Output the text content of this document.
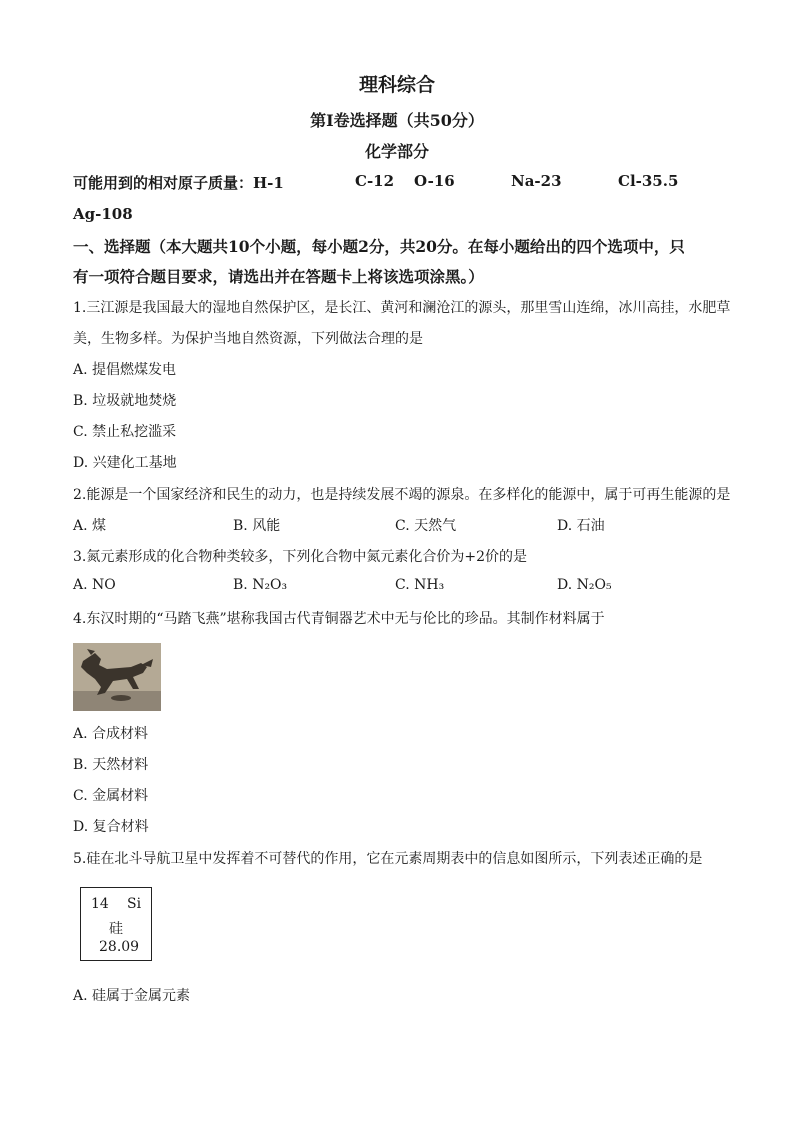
理科综合
第Ⅰ卷选择题（共50分）
化学部分
可能用到的相对原子质量：H-1	C-12 O-16	Na-23	Cl-35.5
Ag-108
一、选择题（本大题共10个小题，每小题2分，共20分。在每小题给出的四个选项中，只
有一项符合题目要求，请选出并在答题卡上将该选项涂黑。）
1.三江源是我国最大的湿地自然保护区，是长江、黄河和澜沧江的源头，那里雪山连绵，冰川高挂，水肥草
美，生物多样。为保护当地自然资源，下列做法合理的是
A. 提倡燃煤发电
B. 垃圾就地焚烧
C. 禁止私挖滥采
D. 兴建化工基地
2.能源是一个国家经济和民生的动力，也是持续发展不竭的源泉。在多样化的能源中，属于可再生能源的是
A. 煤	B. 风能	C. 天然气	D. 石油
3.氮元素形成的化合物种类较多，下列化合物中氮元素化合价为+2价的是
A. NO	B. N₂O₃	C. NH₃	D. N₂O₅
4.东汉时期的“马踏飞燕”堪称我国古代青铜器艺术中无与伦比的珍品。其制作材料属于
A. 合成材料
B. 天然材料
C. 金属材料
D. 复合材料
5.硅在北斗导航卫星中发挥着不可替代的作用，它在元素周期表中的信息如图所示，下列表述正确的是
14 Si
硅
28.09
A. 硅属于金属元素
